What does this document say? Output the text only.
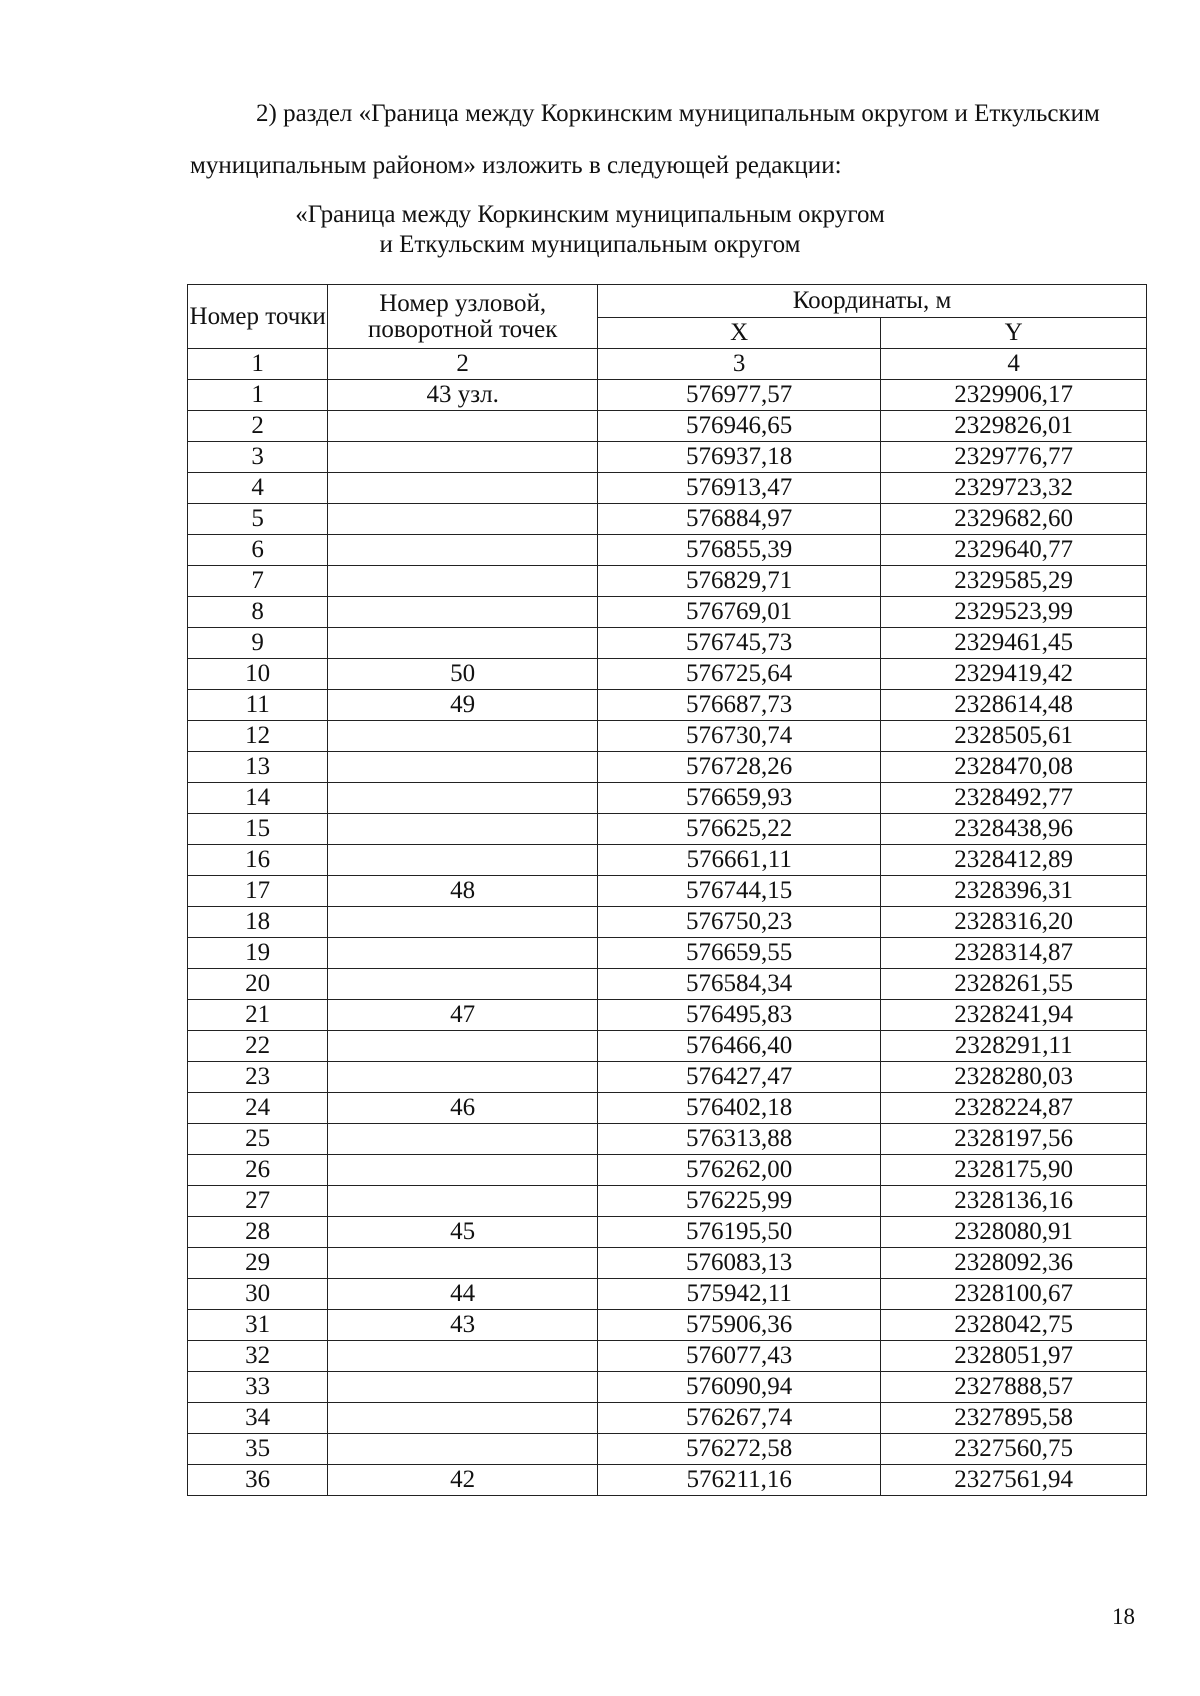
2) раздел «Граница между Коркинским муниципальным округом и Еткульским
муниципальным районом» изложить в следующей редакции:
«Граница между Коркинским муниципальным округом
и Еткульским муниципальным округом
Номер точки	Номер узловой, поворотной точек	Координаты, м	
		X	Y
1	2	3	4
1	43 узл.	576977,57	2329906,17
2		576946,65	2329826,01
3		576937,18	2329776,77
4		576913,47	2329723,32
5		576884,97	2329682,60
6		576855,39	2329640,77
7		576829,71	2329585,29
8		576769,01	2329523,99
9		576745,73	2329461,45
10	50	576725,64	2329419,42
11	49	576687,73	2328614,48
12		576730,74	2328505,61
13		576728,26	2328470,08
14		576659,93	2328492,77
15		576625,22	2328438,96
16		576661,11	2328412,89
17	48	576744,15	2328396,31
18		576750,23	2328316,20
19		576659,55	2328314,87
20		576584,34	2328261,55
21	47	576495,83	2328241,94
22		576466,40	2328291,11
23		576427,47	2328280,03
24	46	576402,18	2328224,87
25		576313,88	2328197,56
26		576262,00	2328175,90
27		576225,99	2328136,16
28	45	576195,50	2328080,91
29		576083,13	2328092,36
30	44	575942,11	2328100,67
31	43	575906,36	2328042,75
32		576077,43	2328051,97
33		576090,94	2327888,57
34		576267,74	2327895,58
35		576272,58	2327560,75
36	42	576211,16	2327561,94
18
